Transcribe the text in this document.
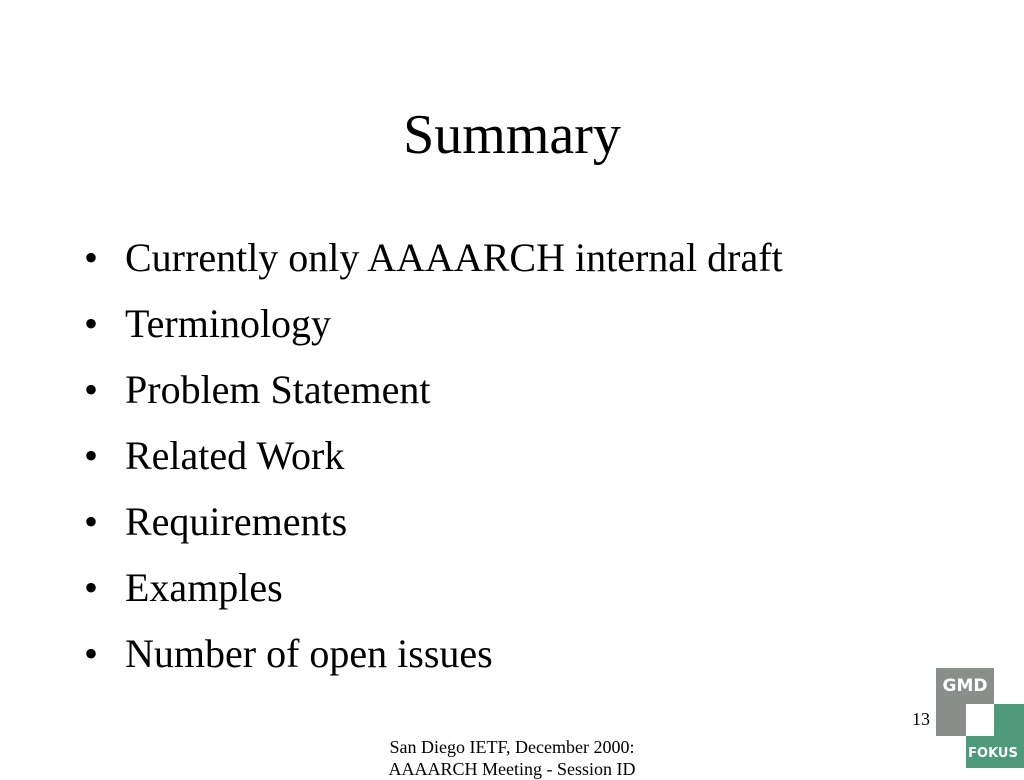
Summary
• Currently only AAAARCH internal draft
• Terminology
• Problem Statement
• Related Work
• Requirements
• Examples
• Number of open issues
13
San Diego IETF, December 2000:
AAAARCH Meeting - Session ID
GMD
FOKUS
